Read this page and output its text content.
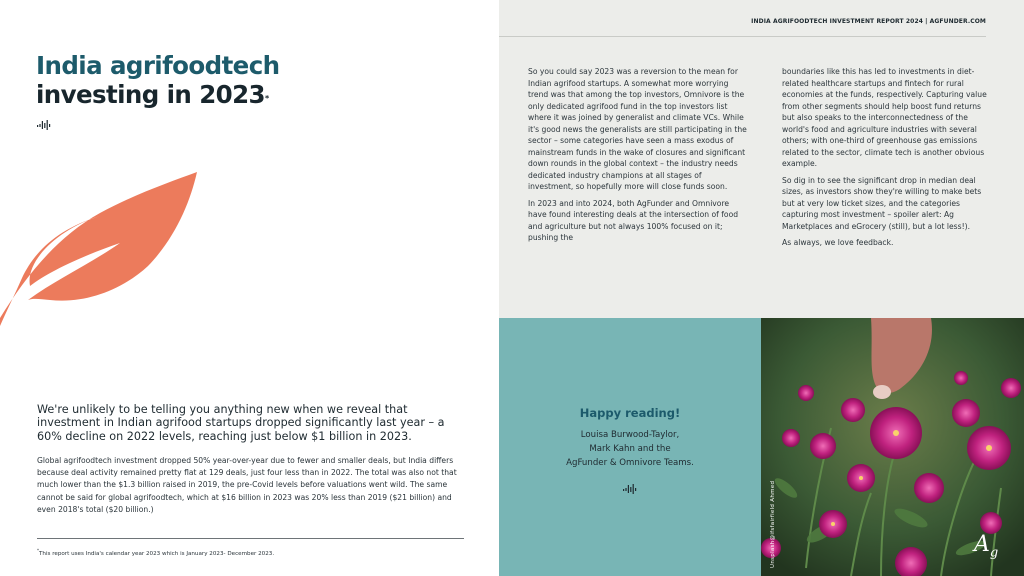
INDIA AGRIFOODTECH INVESTMENT REPORT 2024 | AGFUNDER.COM
India agrifoodtech
investing in 2023*

We're unlikely to be telling you anything new when we reveal that investment in Indian agrifood startups dropped significantly last year – a 60% decline on 2022 levels, reaching just below $1 billion in 2023.

Global agrifoodtech investment dropped 50% year-over-year due to fewer and smaller deals, but India differs because deal activity remained pretty flat at 129 deals, just four less than in 2022. The total was also not that much lower than the $1.3 billion raised in 2019, the pre-Covid levels before valuations went wild. The same cannot be said for global agrifoodtech, which at $16 billion in 2023 was 20% less than 2019 ($21 billion) and even 2018's total ($20 billion.)

*This report uses India's calendar year 2023 which is January 2023- December 2023.

So you could say 2023 was a reversion to the mean for Indian agrifood startups. A somewhat more worrying trend was that among the top investors, Omnivore is the only dedicated agrifood fund in the top investors list where it was joined by generalist and climate VCs. While it's good news the generalists are still participating in the sector – some categories have seen a mass exodus of mainstream funds in the wake of closures and significant down rounds in the global context – the industry needs dedicated industry champions at all stages of investment, so hopefully more will close funds soon.

In 2023 and into 2024, both AgFunder and Omnivore have found interesting deals at the intersection of food and agriculture but not always 100% focused on it; pushing the

boundaries like this has led to investments in diet-related healthcare startups and fintech for rural economies at the funds, respectively. Capturing value from other segments should help boost fund returns but also speaks to the interconnectedness of the world's food and agriculture industries with several others; with one-third of greenhouse gas emissions related to the sector, climate tech is another obvious example.

So dig in to see the significant drop in median deal sizes, as investors show they're willing to make bets but at very low ticket sizes, and the categories capturing most investment – spoiler alert: Ag Marketplaces and eGrocery (still), but a lot less!).

As always, we love feedback.

Happy reading!
Louisa Burwood-Taylor,
Mark Kahn and the
AgFunder & Omnivore Teams.
Unsplash@ifsfairfield Ahmed	$A_g$
